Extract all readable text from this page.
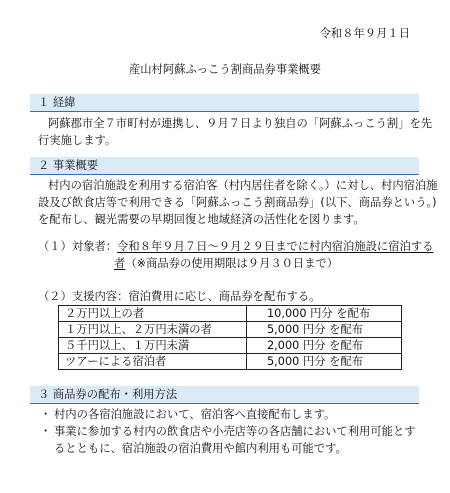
令和８年９月１日
産山村阿蘇ふっこう割商品券事業概要
１ 経緯
阿蘇郡市全７市町村が連携し、９月７日より独自の「阿蘇ふっこう割」を先
行実施します。
２ 事業概要
村内の宿泊施設を利用する宿泊客（村内居住者を除く。）に対し、村内宿泊施
設及び飲食店等で利用できる「阿蘇ふっこう割商品券」(以下、商品券という。)
を配布し、観光需要の早期回復と地域経済の活性化を図ります。
（１）対象者：令和８年９月７日～９月２９日までに村内宿泊施設に宿泊する
者（※商品券の使用期限は９月３０日まで）
（２）支援内容：宿泊費用に応じ、商品券を配布する。
２万円以上の者	10,000 円分 を配布
１万円以上、２万円未満の者	5,000 円分 を配布
５千円以上、１万円未満	2,000 円分 を配布
ツアーによる宿泊者	5,000 円分 を配布
３ 商品券の配布・利用方法
・ 村内の各宿泊施設において、宿泊客へ直接配布します。
・ 事業に参加する村内の飲食店や小売店等の各店舗において利用可能とす
るとともに、宿泊施設の宿泊費用や館内利用も可能です。
